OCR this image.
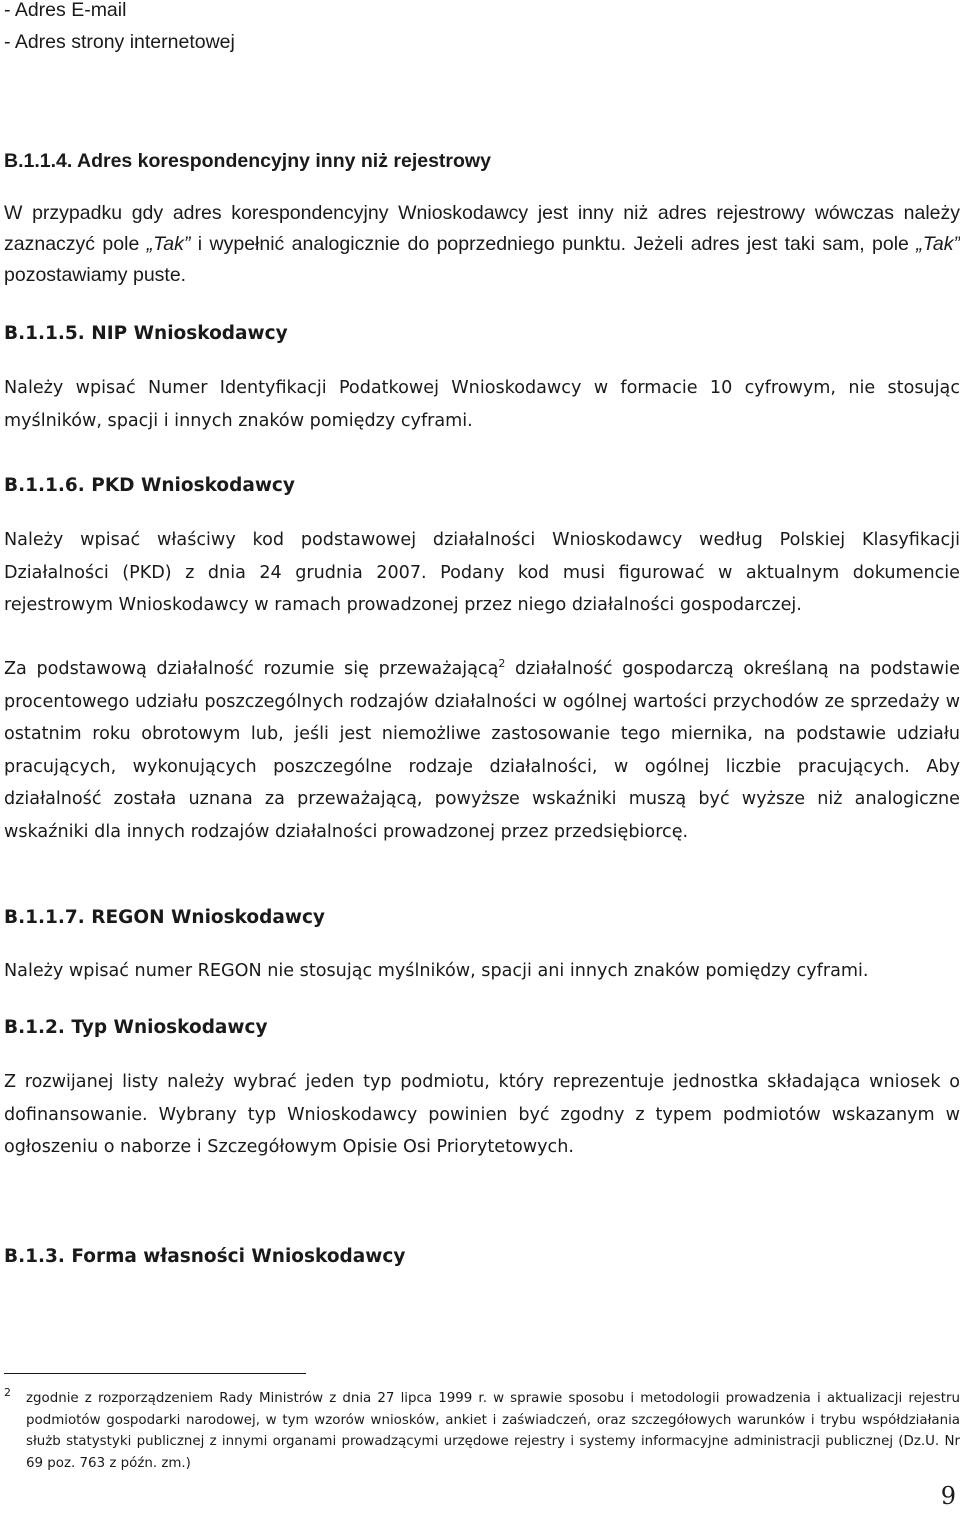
- Adres E-mail

- Adres strony internetowej

B.1.1.4. Adres korespondencyjny inny niż rejestrowy

W przypadku gdy adres korespondencyjny Wnioskodawcy jest inny niż adres rejestrowy wówczas należy zaznaczyć pole „Tak” i wypełnić analogicznie do poprzedniego punktu. Jeżeli adres jest taki sam, pole „Tak” pozostawiamy puste.

B.1.1.5. NIP Wnioskodawcy

Należy wpisać Numer Identyfikacji Podatkowej Wnioskodawcy w formacie 10 cyfrowym, nie stosując myślników, spacji i innych znaków pomiędzy cyframi.

B.1.1.6. PKD Wnioskodawcy

Należy wpisać właściwy kod podstawowej działalności Wnioskodawcy według Polskiej Klasyfikacji Działalności (PKD) z dnia 24 grudnia 2007. Podany kod musi figurować w aktualnym dokumencie rejestrowym Wnioskodawcy w ramach prowadzonej przez niego działalności gospodarczej.

Za podstawową działalność rozumie się przeważającą$^2$ działalność gospodarczą określaną na podstawie procentowego udziału poszczególnych rodzajów działalności w ogólnej wartości przychodów ze sprzedaży w ostatnim roku obrotowym lub, jeśli jest niemożliwe zastosowanie tego miernika, na podstawie udziału pracujących, wykonujących poszczególne rodzaje działalności, w ogólnej liczbie pracujących. Aby działalność została uznana za przeważającą, powyższe wskaźniki muszą być wyższe niż analogiczne wskaźniki dla innych rodzajów działalności prowadzonej przez przedsiębiorcę.

B.1.1.7. REGON Wnioskodawcy

Należy wpisać numer REGON nie stosując myślników, spacji ani innych znaków pomiędzy cyframi.

B.1.2. Typ Wnioskodawcy

Z rozwijanej listy należy wybrać jeden typ podmiotu, który reprezentuje jednostka składająca wniosek o dofinansowanie. Wybrany typ Wnioskodawcy powinien być zgodny z typem podmiotów wskazanym w ogłoszeniu o naborze i Szczegółowym Opisie Osi Priorytetowych.

B.1.3. Forma własności Wnioskodawcy
2 zgodnie z rozporządzeniem Rady Ministrów z dnia 27 lipca 1999 r. w sprawie sposobu i metodologii prowadzenia i aktualizacji rejestru podmiotów gospodarki narodowej, w tym wzorów wniosków, ankiet i zaświadczeń, oraz szczegółowych warunków i trybu współdziałania służb statystyki publicznej z innymi organami prowadzącymi urzędowe rejestry i systemy informacyjne administracji publicznej (Dz.U. Nr 69 poz. 763 z późn. zm.)
9
